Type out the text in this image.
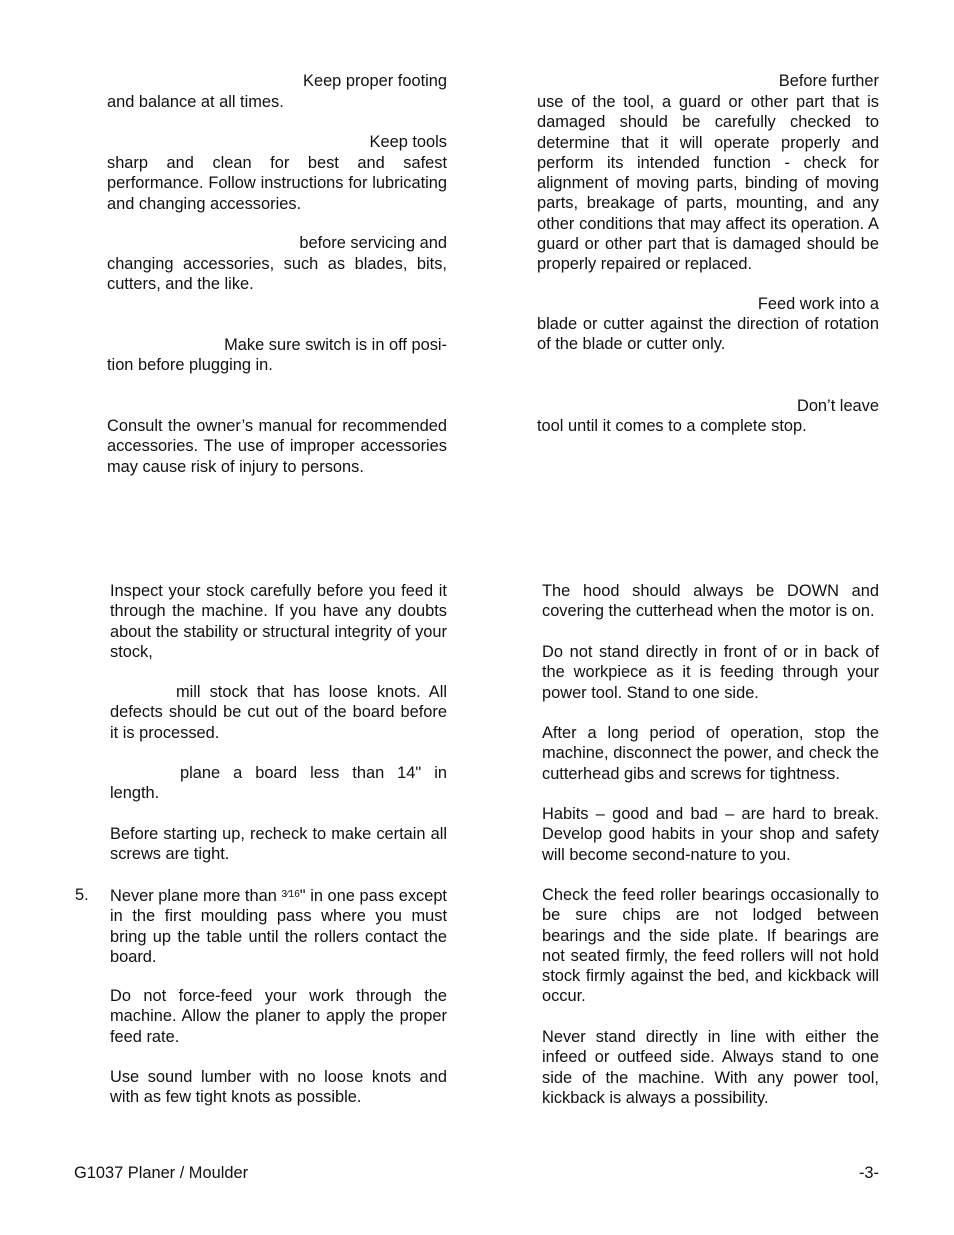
Keep proper footing
and balance at all times.
Keep tools
sharp and clean for best and safest performance. Follow instructions for lubricating and changing accessories.
before servicing and
changing accessories, such as blades, bits, cutters, and the like.
Make sure switch is in off posi-
tion before plugging in.
Consult the owner’s manual for recommended accessories. The use of improper accessories may cause risk of injury to persons.
Before further
use of the tool, a guard or other part that is damaged should be carefully checked to determine that it will operate properly and perform its intended function - check for alignment of moving parts, binding of moving parts, breakage of parts, mounting, and any other conditions that may affect its operation. A guard or other part that is damaged should be properly repaired or replaced.
Feed work into a
blade or cutter against the direction of rotation of the blade or cutter only.
Don’t leave
tool until it comes to a complete stop.
Inspect your stock carefully before you feed it through the machine. If you have any doubts about the stability or structural integrity of your stock,
mill stock that has loose knots. All defects should be cut out of the board before it is processed.
plane a board less than 14" in length.
Before starting up, recheck to make certain all screws are tight.
5. Never plane more than $^{3⁄16}$" in one pass except in the first moulding pass where you must bring up the table until the rollers contact the board.
Do not force-feed your work through the machine. Allow the planer to apply the proper feed rate.
Use sound lumber with no loose knots and with as few tight knots as possible.
The hood should always be DOWN and covering the cutterhead when the motor is on.
Do not stand directly in front of or in back of the workpiece as it is feeding through your power tool. Stand to one side.
After a long period of operation, stop the machine, disconnect the power, and check the cutterhead gibs and screws for tightness.
Habits – good and bad – are hard to break. Develop good habits in your shop and safety will become second-nature to you.
Check the feed roller bearings occasionally to be sure chips are not lodged between bearings and the side plate. If bearings are not seated firmly, the feed rollers will not hold stock firmly against the bed, and kickback will occur.
Never stand directly in line with either the infeed or outfeed side. Always stand to one side of the machine. With any power tool, kickback is always a possibility.
G1037 Planer / Moulder	-3-
